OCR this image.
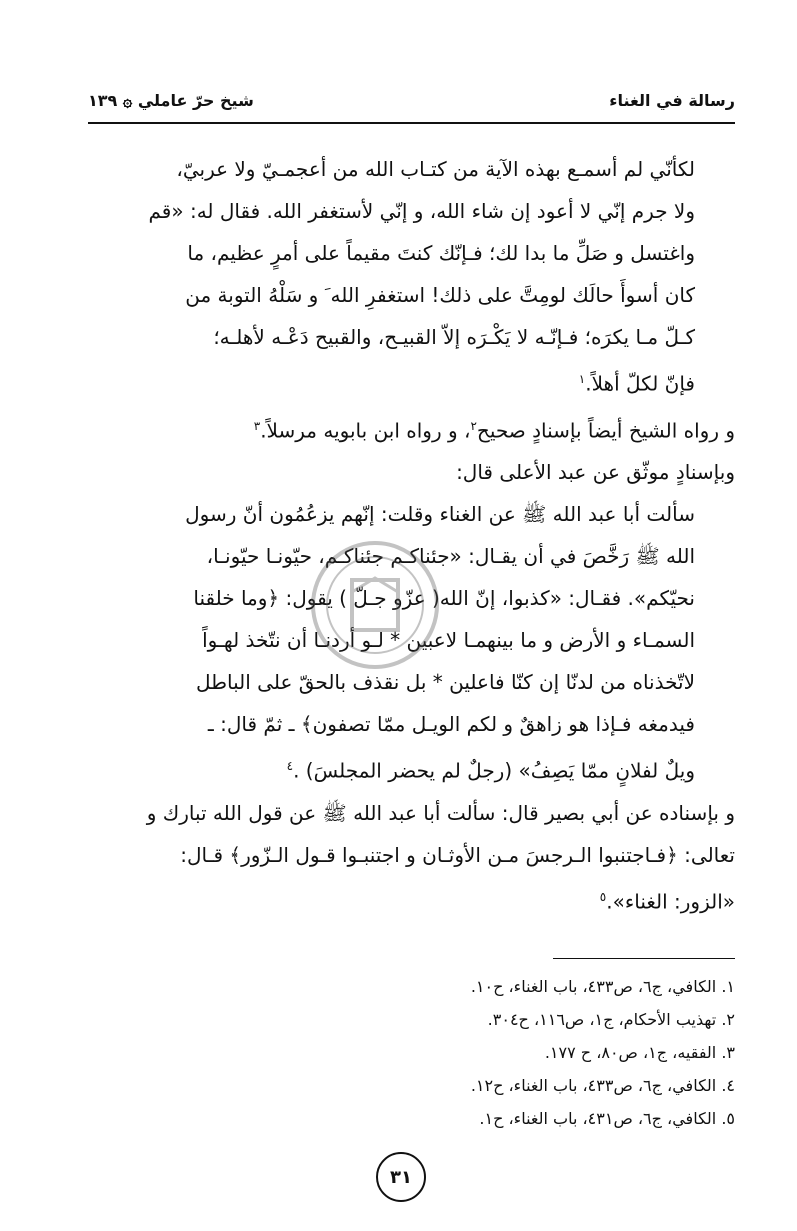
رسالة في الغناء
شيخ حرّ عاملي ۞ ١٣٩

لكأنّي لم أسمـع بهذه الآية من كتـاب الله من أعجمـيّ ولا عربيّ،
ولا جرم إنّي لا أعود إن شاء الله، و إنّي لأستغفر الله. فقال له: «قم
واغتسل و صَلِّ ما بدا لك؛ فـإنّك كنتَ مقيماً على أمرٍ عظيم، ما
كان أسوأَ حالَك لومِتَّ على ذلك! استغفرِ الله َ و سَلْهُ التوبة من
كـلّ مـا يكرَه؛ فـإنّـه لا يَكْـرَه إلاّ القبيـح، والقبيح دَعْـه لأهلـه؛
فإنّ لكلّ أهلاً.$^١$

و رواه الشيخ أيضاً بإسنادٍ صحيح$^٢$، و رواه ابن بابويه مرسلاً.$^٣$

وبإسنادٍ موثّق عن عبد الأعلى قال:

سألت أبا عبد الله ﷺ عن الغناء وقلت: إنّهم يزعُمُون أنّ رسول
الله ﷺ رَخَّصَ في أن يقـال: «جئناكـم جئناكـم، حيّونـا حيّونـا،
نحيّكم». فقـال: «كذبوا، إنّ الله( عزّو جـلّ ) يقول: ﴿وما خلقنا
السمـاء و الأرض و ما بينهمـا لاعبين * لـو أردنـا أن نتّخذ لهـواً
لاتّخذناه من لدنّا إن كنّا فاعلين * بل نقذف بالحقّ على الباطل
فيدمغه فـإذا هو زاهقٌ و لكم الويـل ممّا تصفون﴾ ـ ثمّ قال: ـ
ويلٌ لفلانٍ ممّا يَصِفُ» (رجلٌ لم يحضر المجلسَ) .$^٤$

و بإسناده عن أبي بصير قال: سألت أبا عبد الله ﷺ عن قول الله تبارك و
تعالى: ﴿فـاجتنبوا الـرجسَ مـن الأوثـان و اجتنبـوا قـول الـزّور﴾ قـال:
«الزور: الغناء».$^٥$

١. الكافي، ج٦، ص٤٣٣، باب الغناء، ح١٠.
٢. تهذيب الأحكام، ج١، ص١١٦، ح٣٠٤.
٣. الفقيه، ج١، ص٨٠، ح ١٧٧.
٤. الكافي، ج٦، ص٤٣٣، باب الغناء، ح١٢.
٥. الكافي، ج٦، ص٤٣١، باب الغناء، ح١.
٣١
